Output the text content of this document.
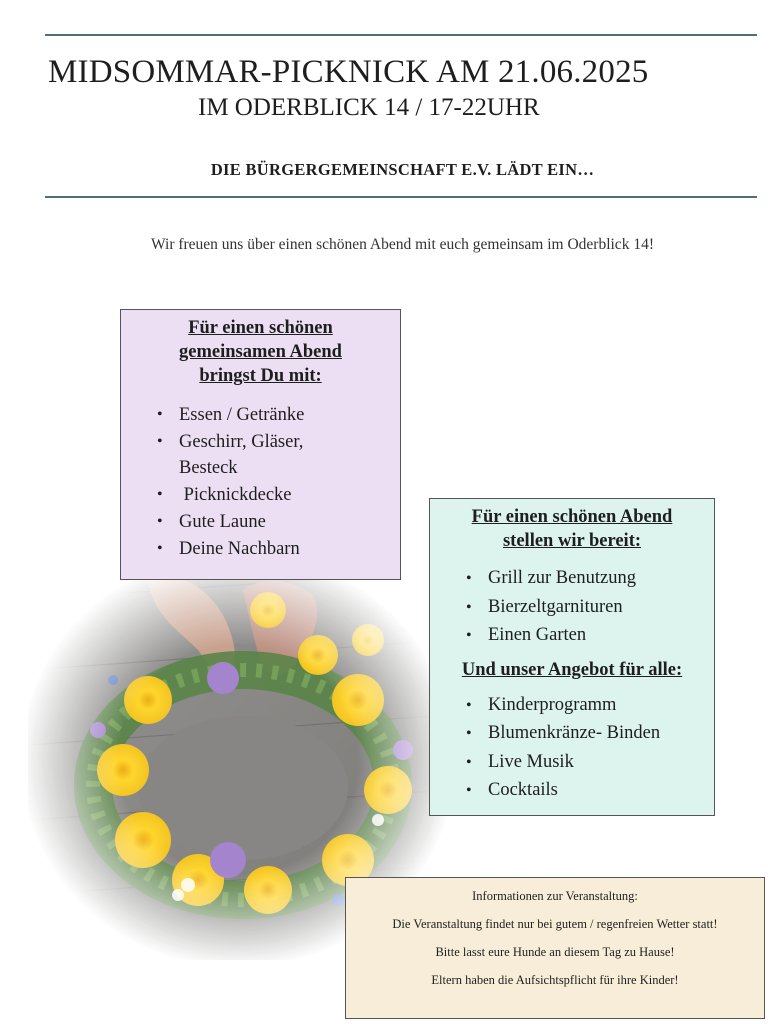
MIDSOMMAR-PICKNICK AM 21.06.2025
IM ODERBLICK 14 / 17-22UHR
DIE BÜRGERGEMEINSCHAFT E.V. LÄDT EIN…
Wir freuen uns über einen schönen Abend mit euch gemeinsam im Oderblick 14!
Für einen schönen
gemeinsamen Abend
bringst Du mit:
• Essen / Getränke
• Geschirr, Gläser, Besteck
• Picknickdecke
• Gute Laune
• Deine Nachbarn
Für einen schönen Abend
stellen wir bereit:
• Grill zur Benutzung
• Bierzeltgarnituren
• Einen Garten
Und unser Angebot für alle:
• Kinderprogramm
• Blumenkränze- Binden
• Live Musik
• Cocktails

Informationen zur Veranstaltung:

Die Veranstaltung findet nur bei gutem / regenfreien Wetter statt!

Bitte lasst eure Hunde an diesem Tag zu Hause!

Eltern haben die Aufsichtspflicht für ihre Kinder!
